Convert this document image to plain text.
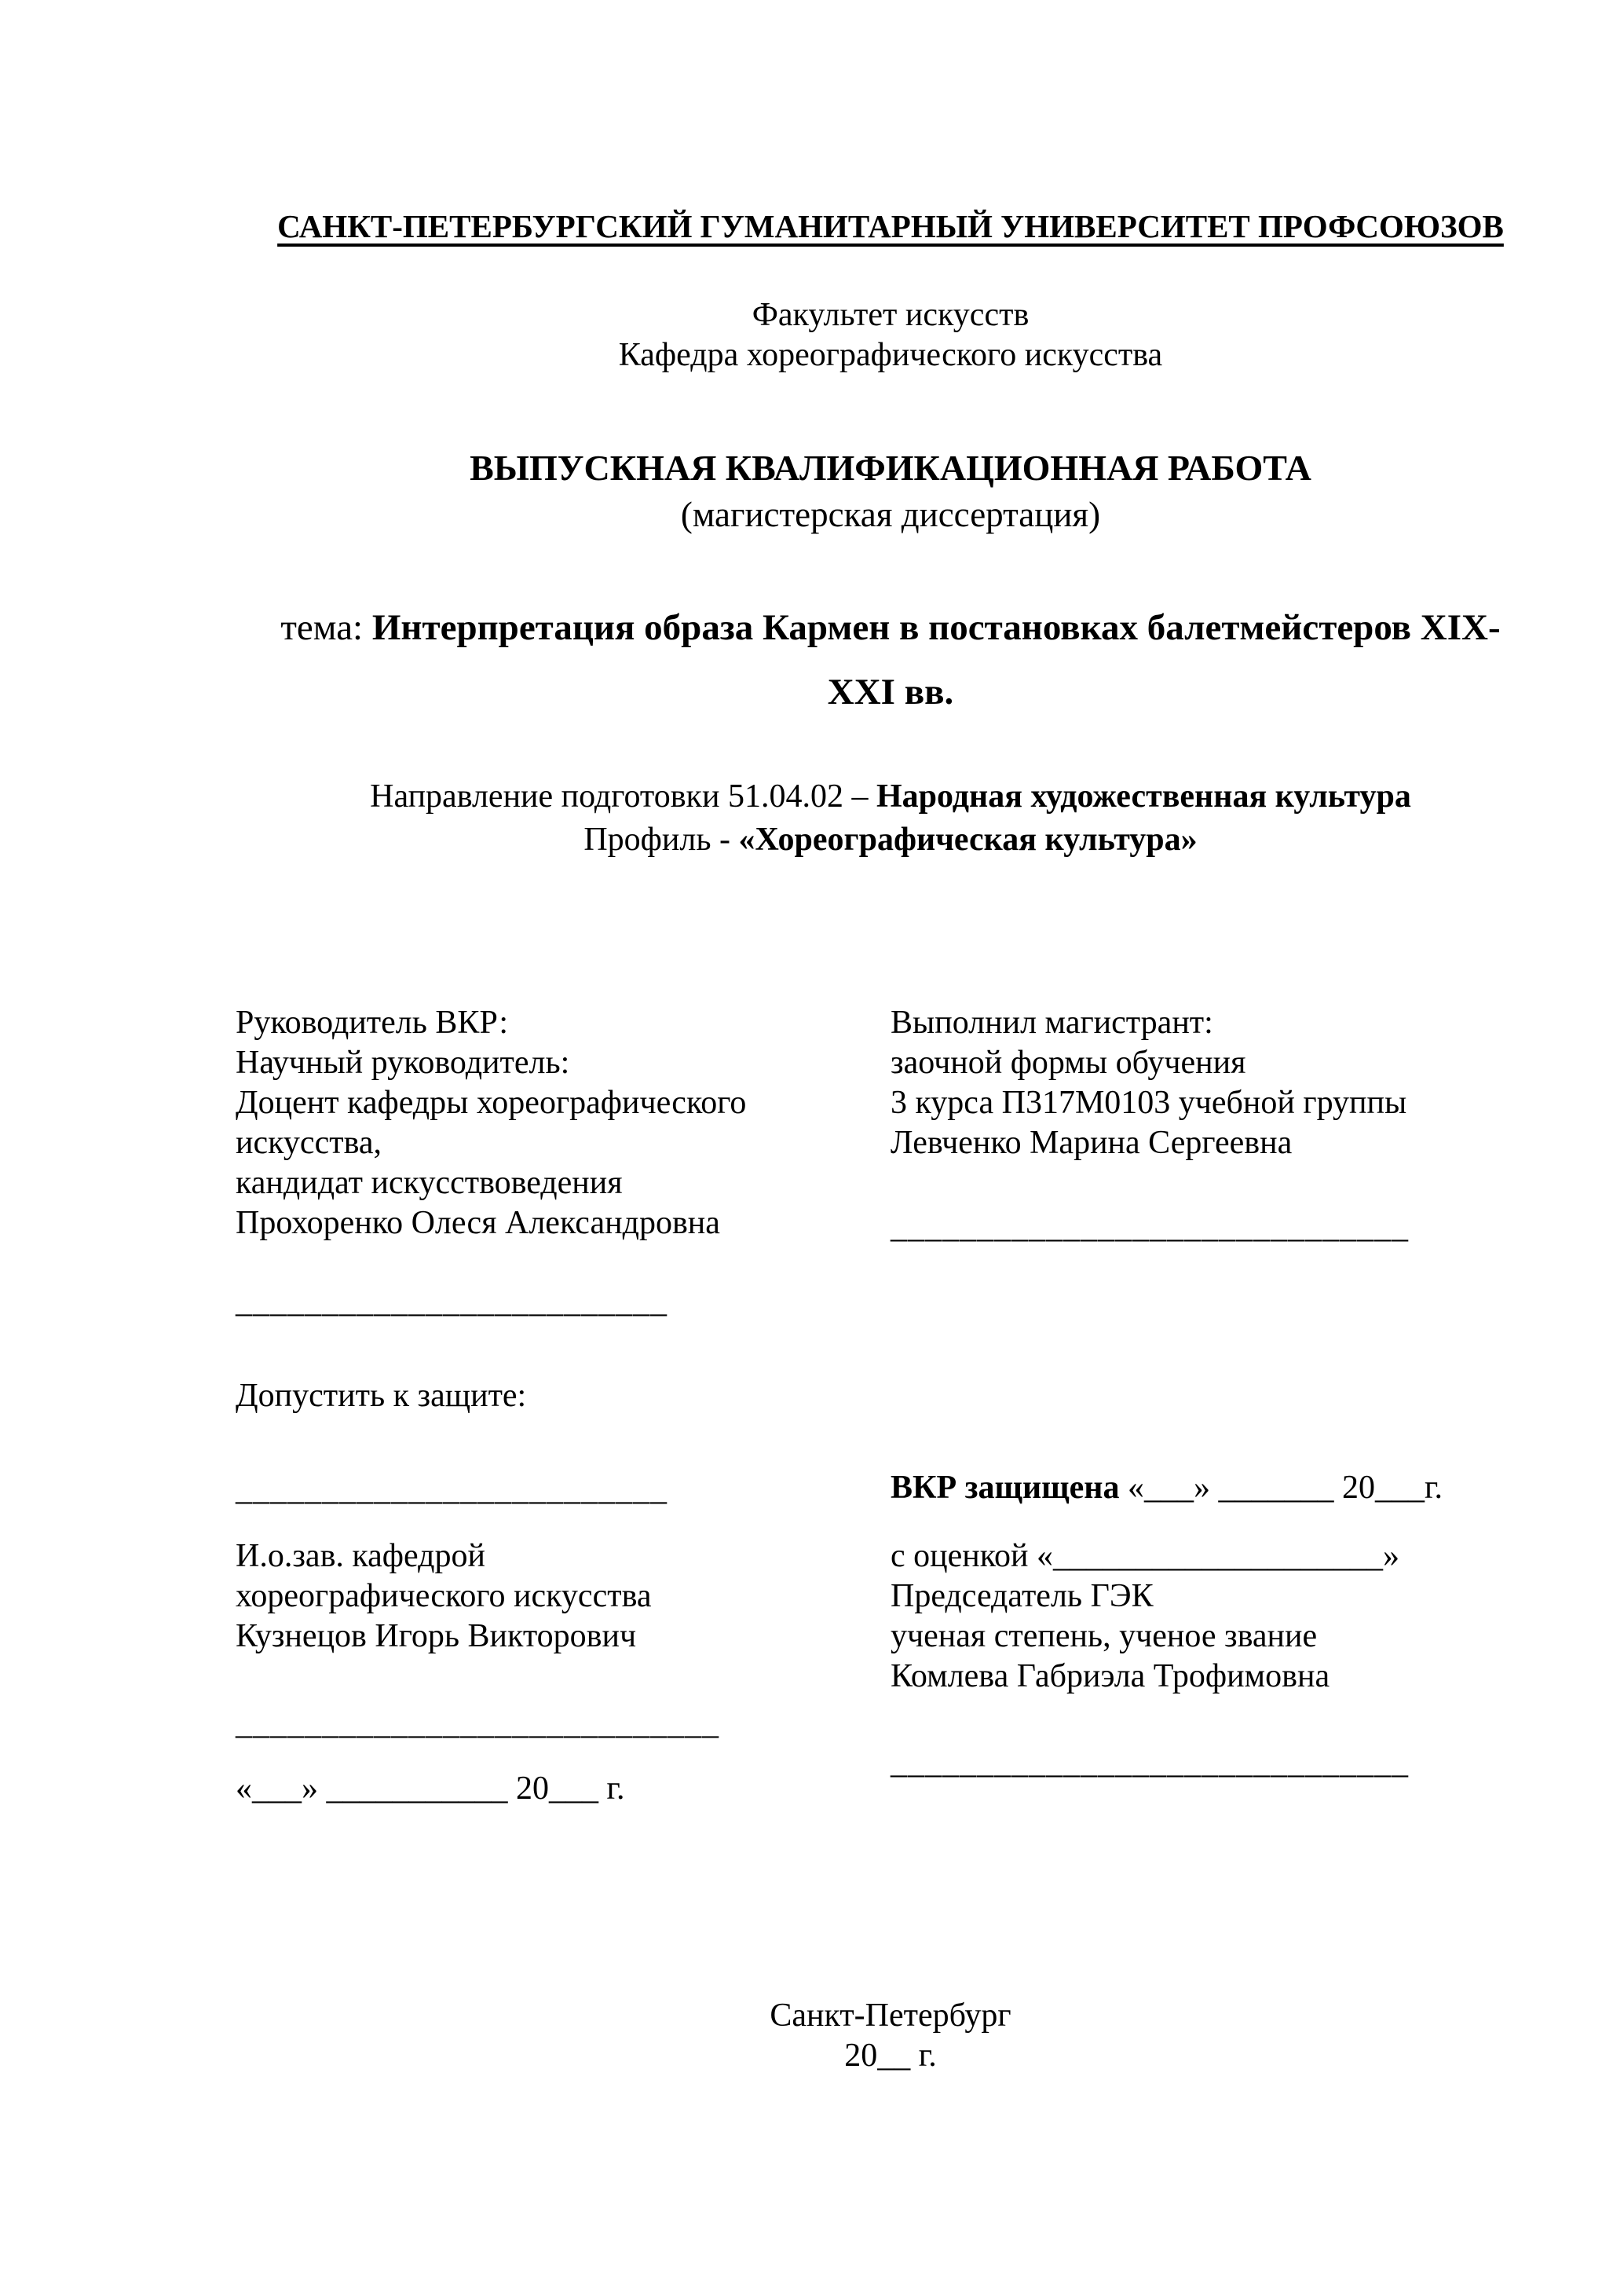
САНКТ-ПЕТЕРБУРГСКИЙ ГУМАНИТАРНЫЙ УНИВЕРСИТЕТ ПРОФСОЮЗОВ
Факультет искусств
Кафедра хореографического искусства
ВЫПУСКНАЯ КВАЛИФИКАЦИОННАЯ РАБОТА
(магистерская диссертация)
тема: Интерпретация образа Кармен в постановках балетмейстеров XIX-XXI вв.
Направление подготовки 51.04.02 – Народная художественная культура
Профиль - «Хореографическая культура»
Руководитель ВКР:
Научный руководитель:
Доцент кафедры хореографического
искусства,
кандидат искусствоведения
Прохоренко Олеся Александровна
_________________________
Допустить к защите:
_________________________
И.о.зав. кафедрой
хореографического искусства
Кузнецов Игорь Викторович
____________________________
«___» ___________ 20___ г.
Выполнил магистрант:
заочной формы обучения
3 курса П317М0103 учебной группы
Левченко Марина Сергеевна
______________________________
ВКР защищена «___» _______ 20___г.
с оценкой «____________________»
Председатель ГЭК
ученая степень, ученое звание
Комлева Габриэла Трофимовна
______________________________
Санкт-Петербург
20__ г.
